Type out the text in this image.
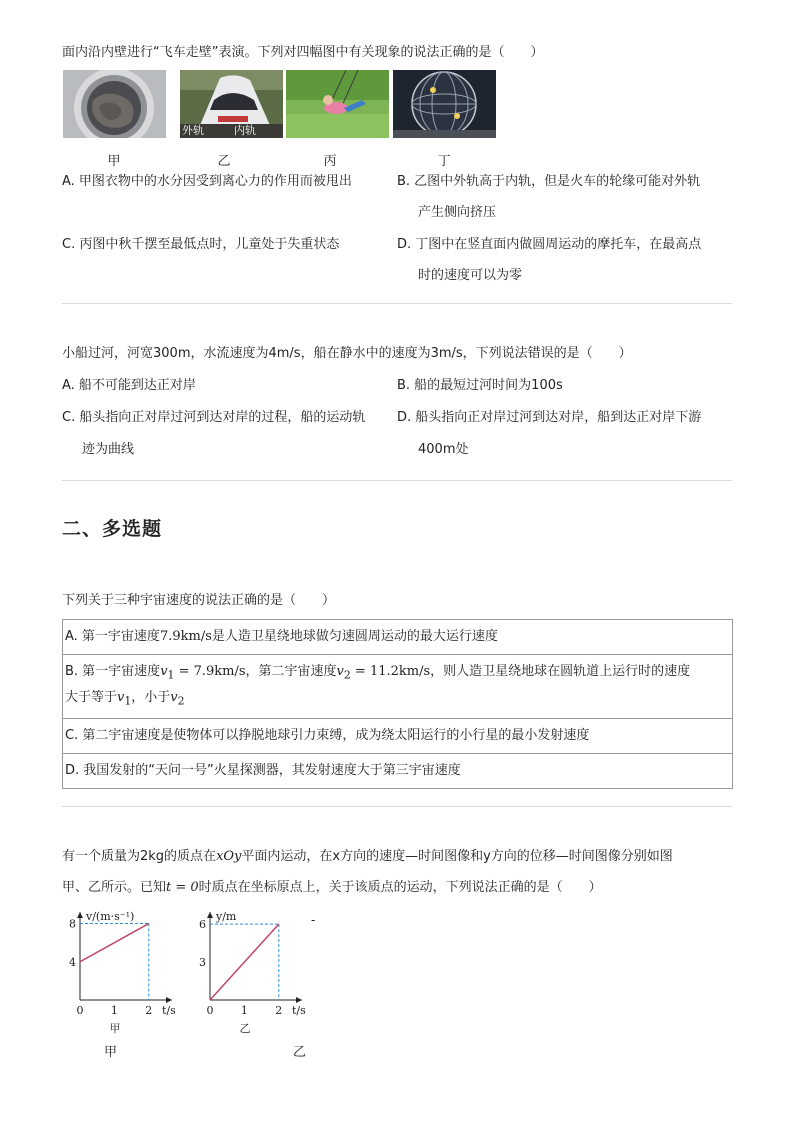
面内沿内壁进行“飞车走壁”表演。下列对四幅图中有关现象的说法正确的是（　　）
外轨	内轨
甲	乙	丙	丁
A. 甲图衣物中的水分因受到离心力的作用而被甩出	B. 乙图中外轨高于内轨，但是火车的轮缘可能对外轨
产生侧向挤压
C. 丙图中秋千摆至最低点时，儿童处于失重状态	D. 丁图中在竖直面内做圆周运动的摩托车，在最高点
时的速度可以为零
小船过河，河宽300m，水流速度为4m/s，船在静水中的速度为3m/s，下列说法错误的是（　　）
A. 船不可能到达正对岸	B. 船的最短过河时间为100s
C. 船头指向正对岸过河到达对岸的过程，船的运动轨
迹为曲线
D. 船头指向正对岸过河到达对岸，船到达正对岸下游
400m处
二、多选题
下列关于三种宇宙速度的说法正确的是（　　）
A. 第一宇宙速度7.9km/s是人造卫星绕地球做匀速圆周运动的最大运行速度
B. 第一宇宙速度$v_1 = 7.9km/s$，第二宇宙速度$v_2 = 11.2km/s$，则人造卫星绕地球在圆轨道上运行时的速度
大于等于$v_1$，小于$v_2$
C. 第二宇宙速度是使物体可以挣脱地球引力束缚，成为绕太阳运行的小行星的最小发射速度
D. 我国发射的“天问一号”火星探测器，其发射速度大于第三宇宙速度
有一个质量为2kg的质点在xOy平面内运动，在x方向的速度—时间图像和y方向的位移—时间图像分别如图
甲、乙所示。已知t = 0时质点在坐标原点上，关于该质点的运动，下列说法正确的是（　　）
0 1 2
4
8
v/(m·s⁻¹)
t/s
甲
0 1 2
3
6
y/m
t/s
乙
-
甲	乙
